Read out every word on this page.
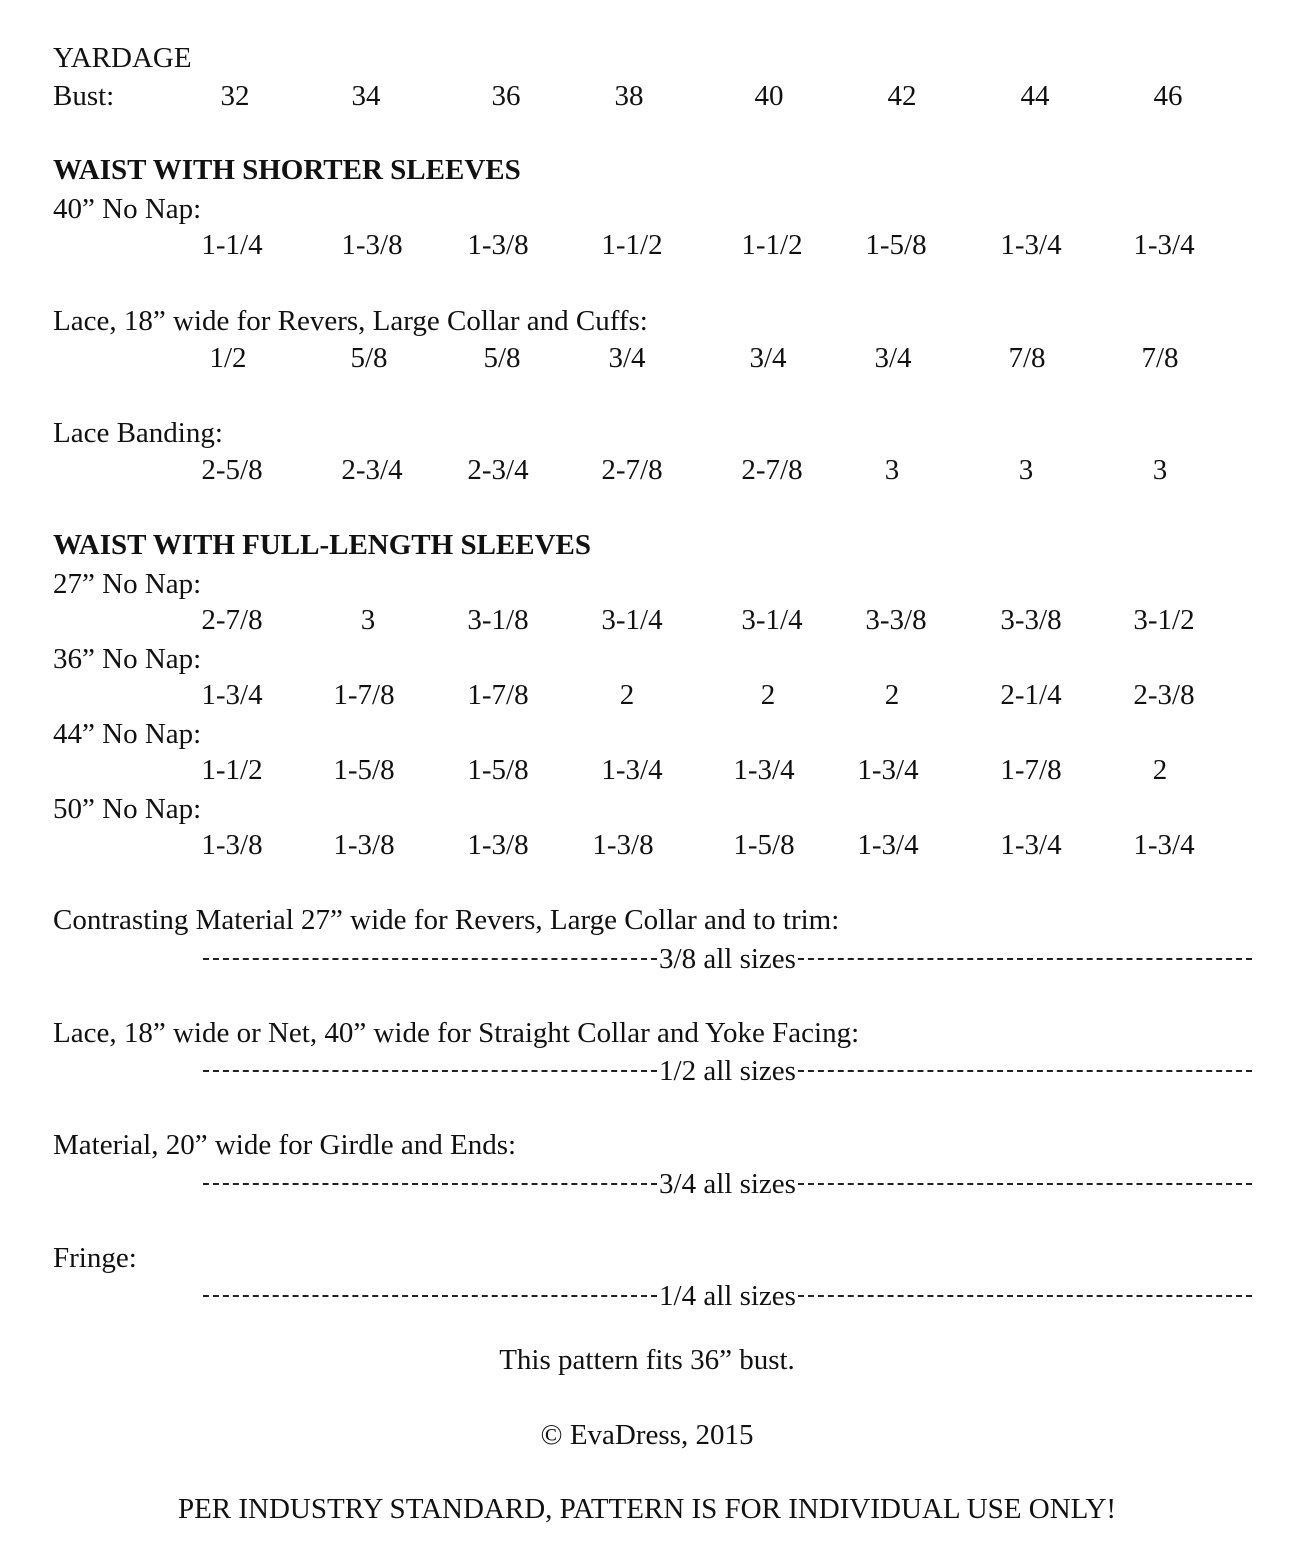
YARDAGE
Bust:	32	34	36	38	40	42	44	46
WAIST WITH SHORTER SLEEVES
40” No Nap:
1-1/4	1-3/8 1-3/8	1-1/2	1-1/2 1-5/8	1-3/4 1-3/4
Lace, 18” wide for Revers, Large Collar and Cuffs:
1/2	5/8	5/8	3/4	3/4	3/4	7/8	7/8
Lace Banding:
2-5/8	2-3/4 2-3/4	2-7/8	2-7/8	3	3	3
WAIST WITH FULL-LENGTH SLEEVES
27” No Nap:
2-7/8	3	3-1/8	3-1/4	3-1/4 3-3/8	3-3/8 3-1/2
36” No Nap:
1-3/4 1-7/8	1-7/8	2	2	2	2-1/4 2-3/8
44” No Nap:
1-1/2 1-5/8	1-5/8	1-3/4 1-3/4 1-3/4	1-7/8	2
50” No Nap:
1-3/8 1-3/8	1-3/8 1-3/8	1-5/8 1-3/4	1-3/4 1-3/4
Contrasting Material 27” wide for Revers, Large Collar and to trim:
3/8 all sizes
Lace, 18” wide or Net, 40” wide for Straight Collar and Yoke Facing:
1/2 all sizes
Material, 20” wide for Girdle and Ends:
3/4 all sizes
Fringe:
1/4 all sizes
This pattern fits 36” bust.
© EvaDress, 2015
PER INDUSTRY STANDARD, PATTERN IS FOR INDIVIDUAL USE ONLY!
